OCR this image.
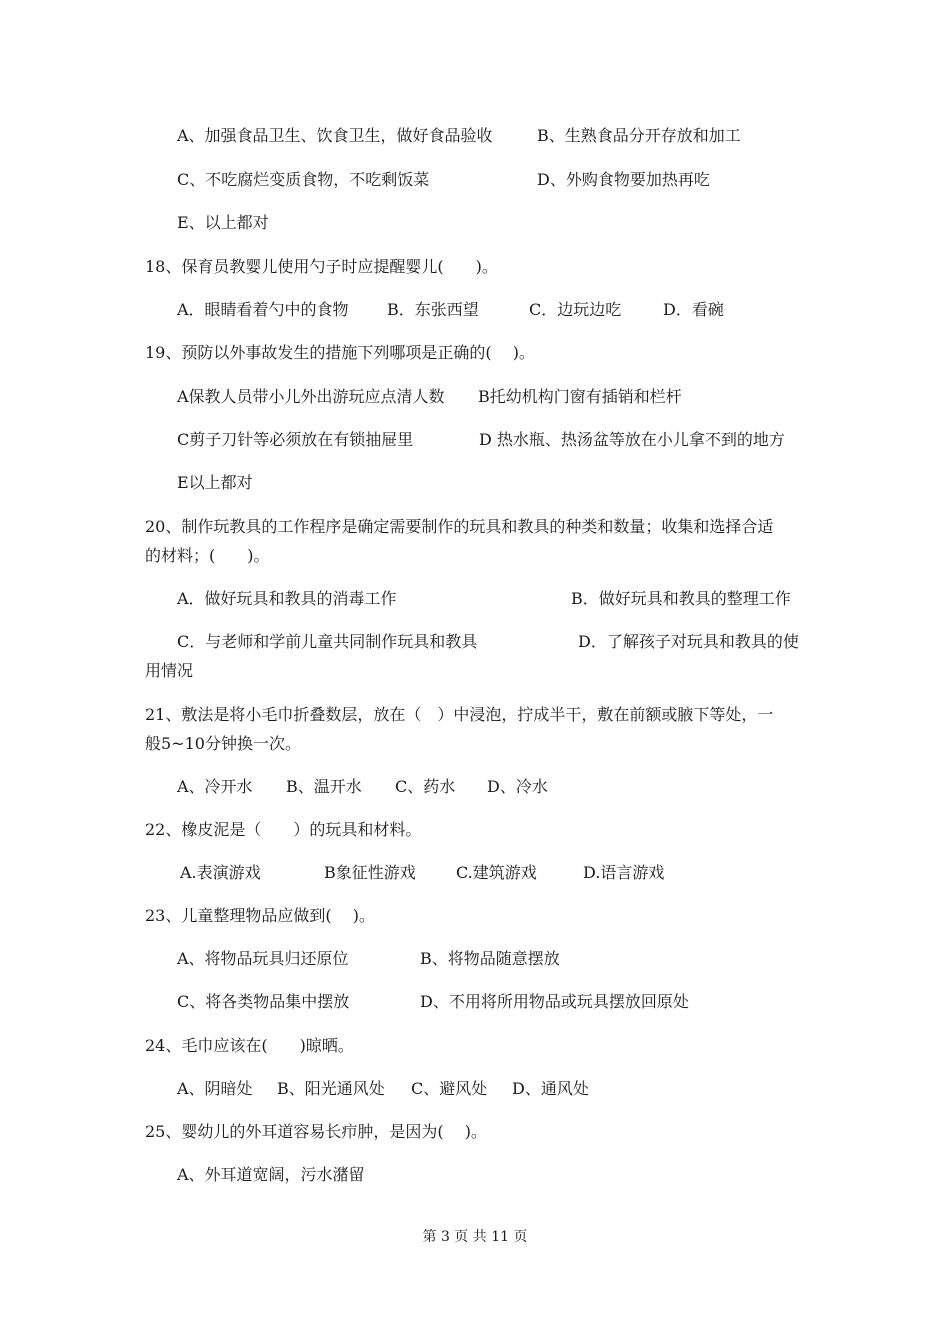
A、加强食品卫生、饮食卫生，做好食品验收	B、生熟食品分开存放和加工
C、不吃腐烂变质食物，不吃剩饭菜	D、外购食物要加热再吃
E、以上都对
18、保育员教婴儿使用勺子时应提醒婴儿(　　)。
A．眼睛看着勺中的食物 B．东张西望	C．边玩边吃	D．看碗
19、预防以外事故发生的措施下列哪项是正确的(　 )。
A保教人员带小儿外出游玩应点清人数 B托幼机构门窗有插销和栏杆
C剪子刀针等必须放在有锁抽屉里	D 热水瓶、热汤盆等放在小儿拿不到的地方
E以上都对
20、制作玩教具的工作程序是确定需要制作的玩具和教具的种类和数量；收集和选择合适
的材料；(　　)。
A．做好玩具和教具的消毒工作	B．做好玩具和教具的整理工作
C．与老师和学前儿童共同制作玩具和教具	D．了解孩子对玩具和教具的使
用情况
21、敷法是将小毛巾折叠数层，放在（　）中浸泡，拧成半干，敷在前额或腋下等处，一
般5~10分钟换一次。
A、冷开水 B、温开水 C、药水 D、冷水
22、橡皮泥是（　　）的玩具和材料。
A.表演游戏	B象征性游戏	C.建筑游戏	D.语言游戏
23、儿童整理物品应做到(　 )。
A、将物品玩具归还原位	B、将物品随意摆放
C、将各类物品集中摆放	D、不用将所用物品或玩具摆放回原处
24、毛巾应该在(　　)晾晒。
A、阴暗处 B、阳光通风处 C、避风处 D、通风处
25、婴幼儿的外耳道容易长疖肿，是因为(　 )。
A、外耳道宽阔，污水潴留
第 3 页 共 11 页
